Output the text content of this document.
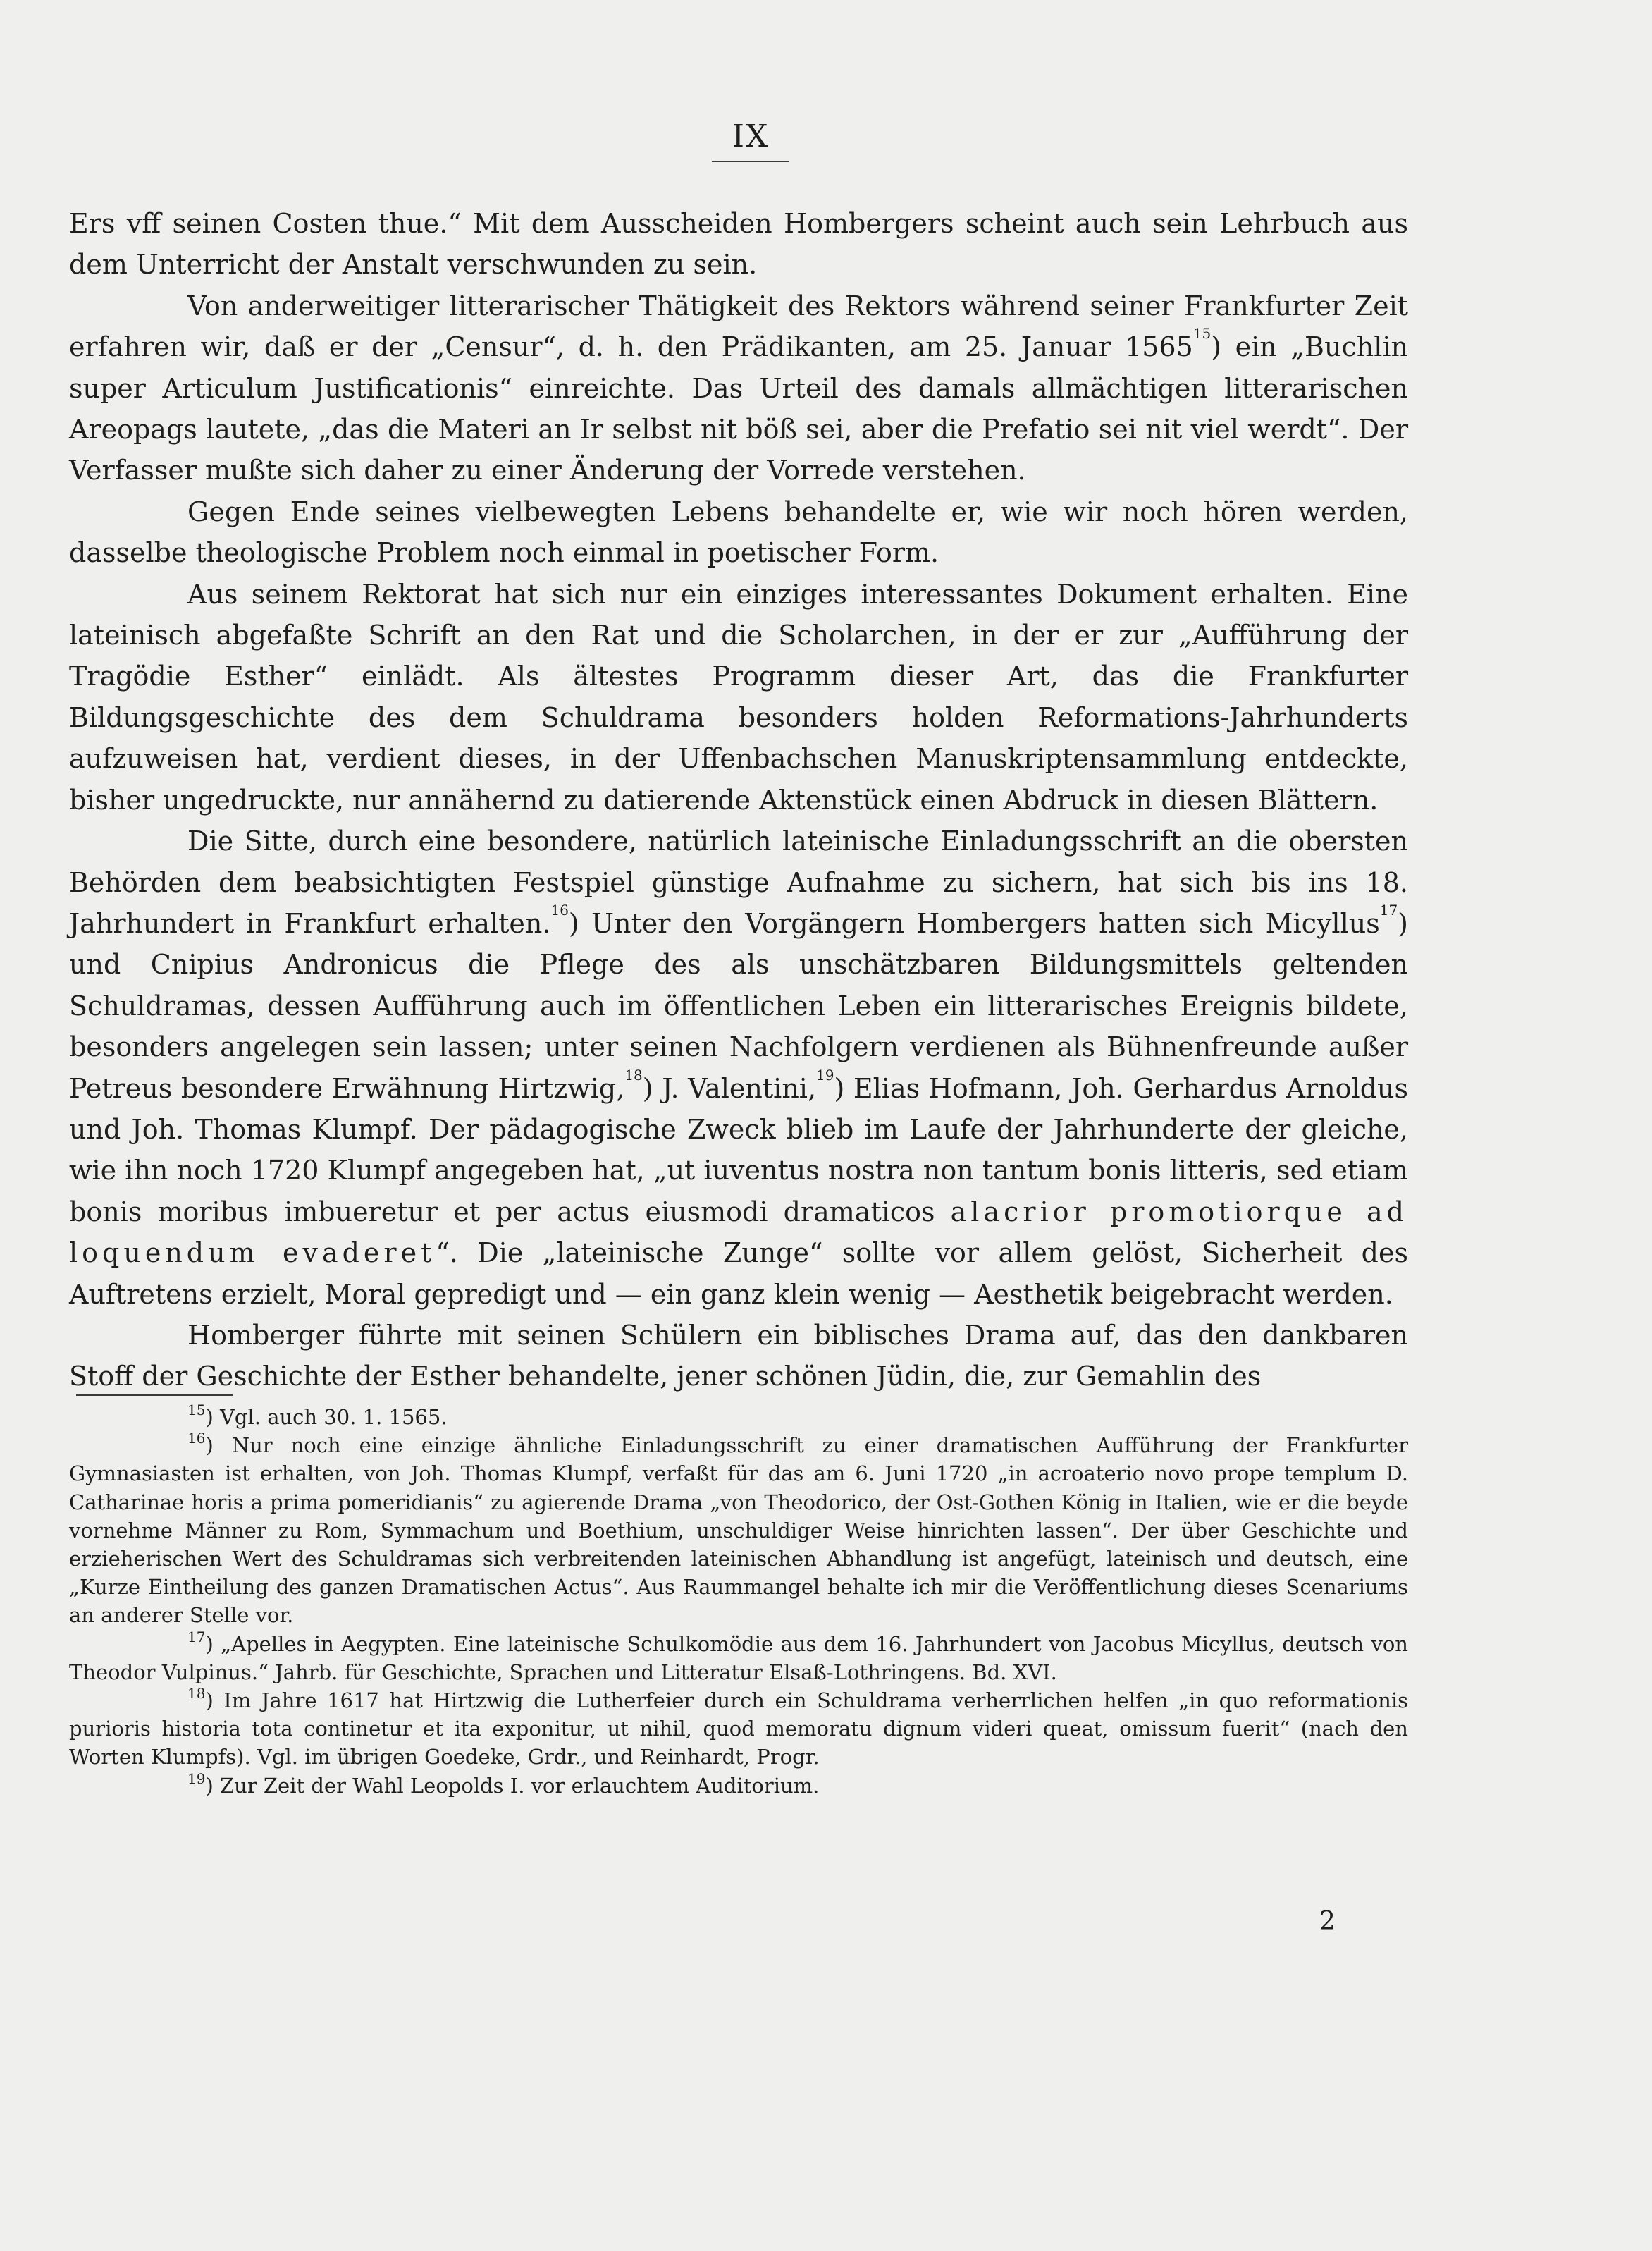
IX

Ers vff seinen Costen thue.“ Mit dem Ausscheiden Hombergers scheint auch sein Lehrbuch aus dem Unterricht der Anstalt verschwunden zu sein.

Von anderweitiger litterarischer Thätigkeit des Rektors während seiner Frankfurter Zeit erfahren wir, daß er der „Censur“, d. h. den Prädikanten, am 25. Januar 1565$^{15}$) ein „Buchlin super Articulum Justificationis“ einreichte. Das Urteil des damals allmächtigen litterarischen Areopags lautete, „das die Materi an Ir selbst nit böß sei, aber die Prefatio sei nit viel werdt“. Der Verfasser mußte sich daher zu einer Änderung der Vorrede verstehen.

Gegen Ende seines vielbewegten Lebens behandelte er, wie wir noch hören werden, dasselbe theologische Problem noch einmal in poetischer Form.

Aus seinem Rektorat hat sich nur ein einziges interessantes Dokument erhalten. Eine lateinisch abgefaßte Schrift an den Rat und die Scholarchen, in der er zur „Aufführung der Tragödie Esther“ einlädt. Als ältestes Programm dieser Art, das die Frankfurter Bildungsgeschichte des dem Schuldrama besonders holden Reformations-Jahrhunderts aufzuweisen hat, verdient dieses, in der Uffenbachschen Manuskriptensammlung entdeckte, bisher ungedruckte, nur annähernd zu datierende Aktenstück einen Abdruck in diesen Blättern.

Die Sitte, durch eine besondere, natürlich lateinische Einladungsschrift an die obersten Behörden dem beabsichtigten Festspiel günstige Aufnahme zu sichern, hat sich bis ins 18. Jahrhundert in Frankfurt erhalten.$^{16}$) Unter den Vorgängern Hombergers hatten sich Micyllus$^{17}$) und Cnipius Andronicus die Pflege des als unschätzbaren Bildungsmittels geltenden Schuldramas, dessen Aufführung auch im öffentlichen Leben ein litterarisches Ereignis bildete, besonders angelegen sein lassen; unter seinen Nachfolgern verdienen als Bühnenfreunde außer Petreus besondere Erwähnung Hirtzwig,$^{18}$) J. Valentini,$^{19}$) Elias Hofmann, Joh. Gerhardus Arnoldus und Joh. Thomas Klumpf. Der pädagogische Zweck blieb im Laufe der Jahrhunderte der gleiche, wie ihn noch 1720 Klumpf angegeben hat, „ut iuventus nostra non tantum bonis litteris, sed etiam bonis moribus imbueretur et per actus eiusmodi dramaticos alacrior promotiorque ad loquendum evaderet“. Die „lateinische Zunge“ sollte vor allem gelöst, Sicherheit des Auftretens erzielt, Moral gepredigt und — ein ganz klein wenig — Aesthetik beigebracht werden.

Homberger führte mit seinen Schülern ein biblisches Drama auf, das den dankbaren Stoff der Geschichte der Esther behandelte, jener schönen Jüdin, die, zur Gemahlin des

$^{15}$) Vgl. auch 30. 1. 1565.

$^{16}$) Nur noch eine einzige ähnliche Einladungsschrift zu einer dramatischen Aufführung der Frankfurter Gymnasiasten ist erhalten, von Joh. Thomas Klumpf, verfaßt für das am 6. Juni 1720 „in acroaterio novo prope templum D. Catharinae horis a prima pomeridianis“ zu agierende Drama „von Theodorico, der Ost-Gothen König in Italien, wie er die beyde vornehme Männer zu Rom, Symmachum und Boethium, unschuldiger Weise hinrichten lassen“. Der über Geschichte und erzieherischen Wert des Schuldramas sich verbreitenden lateinischen Abhandlung ist angefügt, lateinisch und deutsch, eine „Kurze Eintheilung des ganzen Dramatischen Actus“. Aus Raummangel behalte ich mir die Veröffentlichung dieses Scenariums an anderer Stelle vor.

$^{17}$) „Apelles in Aegypten. Eine lateinische Schulkomödie aus dem 16. Jahrhundert von Jacobus Micyllus, deutsch von Theodor Vulpinus.“ Jahrb. für Geschichte, Sprachen und Litteratur Elsaß-Lothringens. Bd. XVI.

$^{18}$) Im Jahre 1617 hat Hirtzwig die Lutherfeier durch ein Schuldrama verherrlichen helfen „in quo reformationis purioris historia tota continetur et ita exponitur, ut nihil, quod memoratu dignum videri queat, omissum fuerit“ (nach den Worten Klumpfs). Vgl. im übrigen Goedeke, Grdr., und Reinhardt, Progr.

$^{19}$) Zur Zeit der Wahl Leopolds I. vor erlauchtem Auditorium.

2
